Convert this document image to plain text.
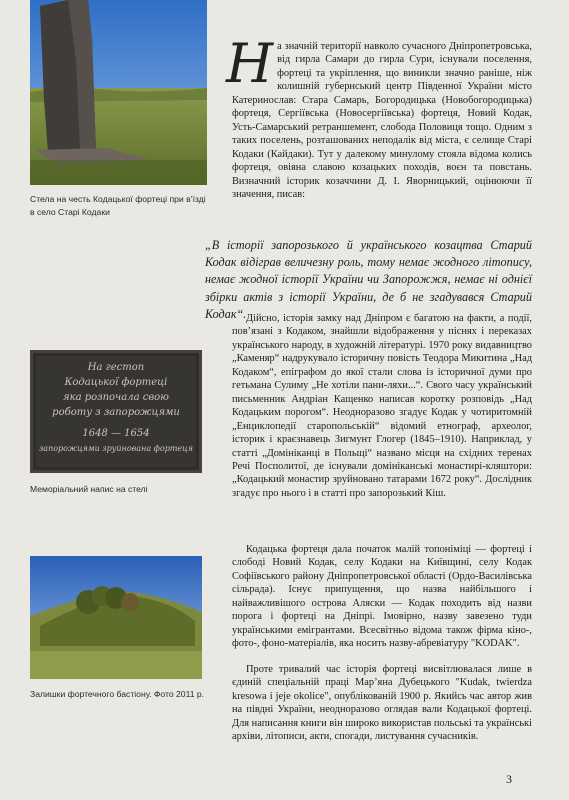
Стела на честь Кодацької фортеці при в’їзді в село Старі Кодаки
На гестоп
Кодацької фортеці
яка розпочала свою
роботу з запорожцями
1648 — 1654
запорожцями зруйнована фортеця
Меморіальний напис на стелі
Залишки фортечного бастіону. Фото 2011 р.

На значній території навколо сучасного Дніпропетровська, від гирла Самари до гирла Сури, існували поселення, фортеці та укріплення, що виникли значно раніше, ніж колишній губернський центр Південної України місто Катеринослав: Стара Самарь, Богородицька (Новобогородицька) фортеця, Сергіївська (Новосергіївська) фортеця, Новий Кодак, Усть-Самарський ретраншемент, слобода Половиця тощо. Одним з таких поселень, розташованих неподалік від міста, є селище Старі Кодаки (Кайдаки). Тут у далекому минулому стояла відома колись фортеця, овіяна славою козацьких походів, воєн та повстань. Визначний історик козаччини Д. І. Яворницький, оцінюючи її значення, писав:

„В історії запорозького й українського козацтва Старий Кодак відіграв величезну роль, тому немає жодного літопису, немає жодної історії України чи Запорожжя, немає ні однієї збірки актів з історії України, де б не згадувався Старий Кодак“. Дійсно, історія замку над Дніпром є багатою на факти, а події, пов’язані з Кодаком, знайшли відображення у піснях і переказах українського народу, в художній літературі. 1970 року видавництво „Каменяр“ надрукувало історичну повість Теодора Микитина „Над Кодаком“, епіграфом до якої стали слова із історичної думи про гетьмана Сулиму „Не хотіли пани-ляхи...“. Свого часу український письменник Андріан Кащенко написав коротку розповідь „Над Кодацьким порогом“. Неодноразово згадує Кодак у чотиритомній „Енциклопедії старопольській“ відомий етнограф, археолог, історик і краєзнавець Зигмунт Глогер (1845–1910). Наприклад, у статті „Домініканці в Польщі“ названо місця на східних теренах Речі Посполитої, де існували домініканські монастирі-кляштори: „Кодацький монастир зруйновано татарами 1672 року“. Дослідник згадує про нього і в статті про запорозький Кіш.

Кодацька фортеця дала початок малій топоніміці — фортеці і слободі Новий Кодак, селу Кодаки на Київщині, селу Кодак Софіївського району Дніпропетровської області (Ордо-Василівська сільрада). Існує припущення, що назва найбільшого і найважливішого острова Аляски — Кодак походить від назви порога і фортеці на Дніпрі. Імовірно, назву завезено туди українськими емігрантами. Всесвітньо відома також фірма кіно-, фото-, фоно-матеріалів, яка носить назву-абревіатуру "KODAK".

Проте тривалий час історія фортеці висвітлювалася лише в єдиній спеціальній праці Мар’яна Дубецького "Kudak, twierdza kresowa i jeje okolice", опублікованій 1900 р. Якийсь час автор жив на півдні України, неодноразово оглядав вали Кодацької фортеці. Для написання книги він широко використав польські та українські архіви, літописи, акти, спогади, листування сучасників.

3
